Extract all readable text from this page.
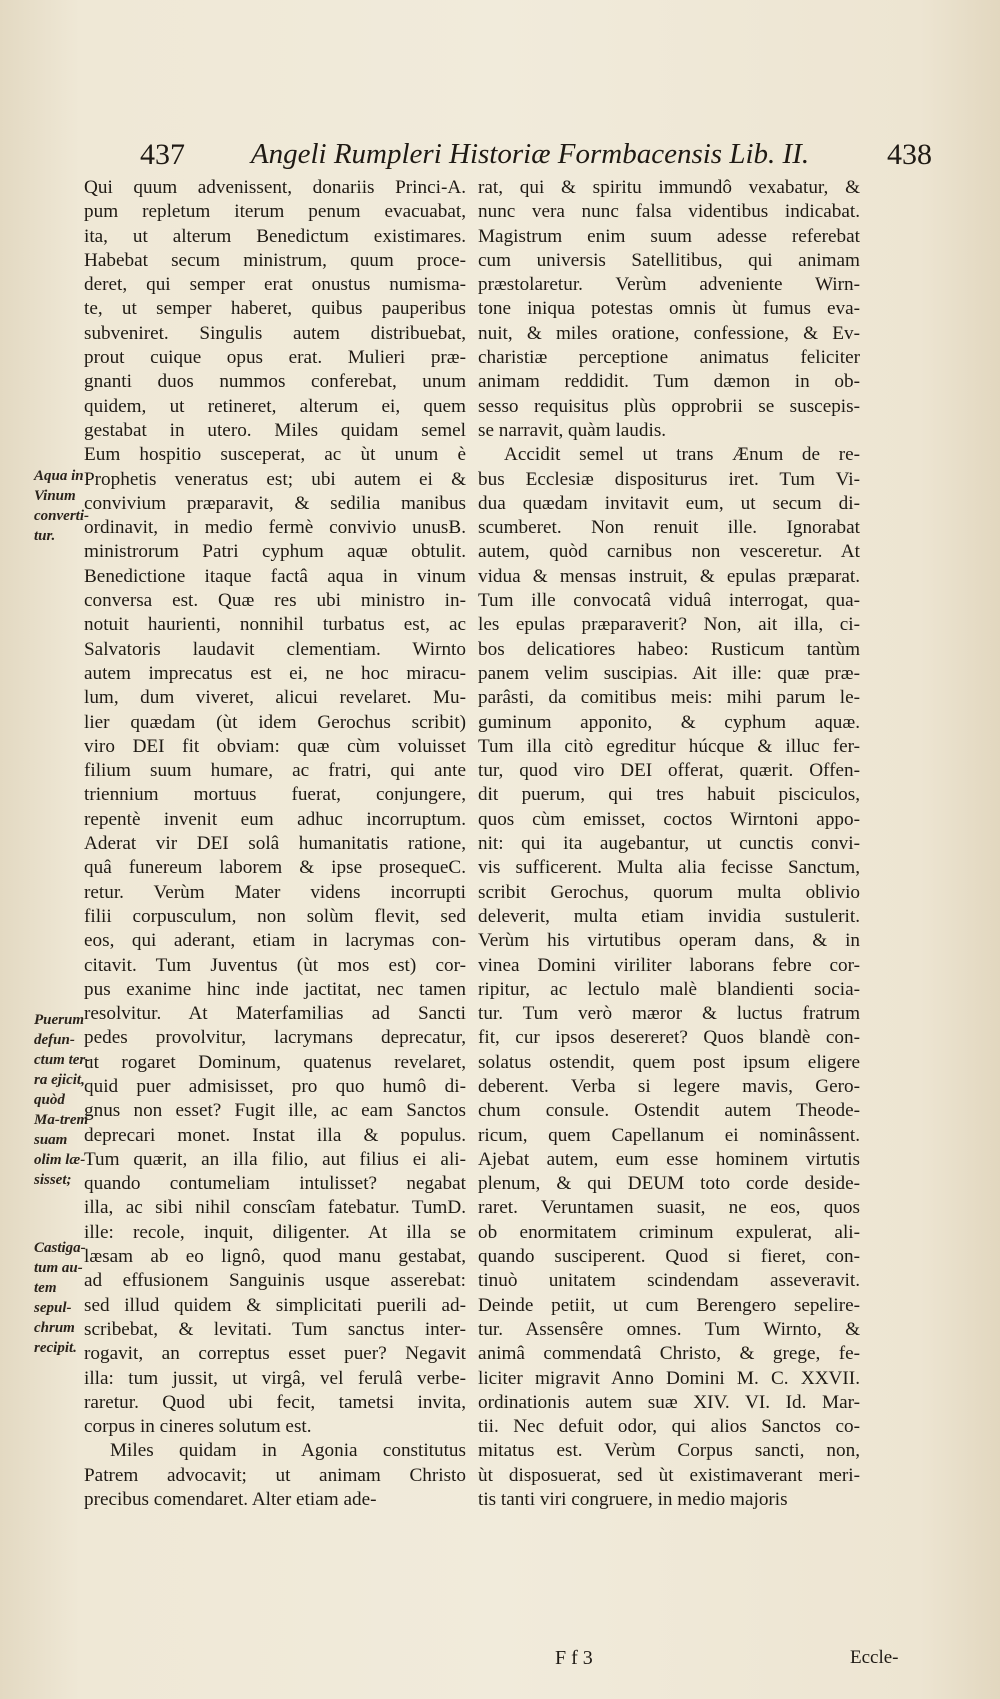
437	Angeli Rumpleri Historiæ Formbacensis Lib. II.	438
Qui quum advenissent, donariis Princi-A.
pum repletum iterum penum evacuabat,
ita, ut alterum Benedictum existimares.
Habebat secum ministrum, quum proce-
deret, qui semper erat onustus numisma-
te, ut semper haberet, quibus pauperibus
subveniret. Singulis autem distribuebat,
prout cuique opus erat. Mulieri præ-
gnanti duos nummos conferebat, unum
quidem, ut retineret, alterum ei, quem
gestabat in utero. Miles quidam semel
Eum hospitio susceperat, ac ùt unum è
Prophetis veneratus est; ubi autem ei &
convivium præparavit, & sedilia manibus
ordinavit, in medio fermè convivio unusB.
ministrorum Patri cyphum aquæ obtulit.
Benedictione itaque factâ aqua in vinum
conversa est. Quæ res ubi ministro in-
notuit haurienti, nonnihil turbatus est, ac
Salvatoris laudavit clementiam. Wirnto
autem imprecatus est ei, ne hoc miracu-
lum, dum viveret, alicui revelaret. Mu-
lier quædam (ùt idem Gerochus scribit)
viro DEI fit obviam: quæ cùm voluisset
filium suum humare, ac fratri, qui ante
triennium mortuus fuerat, conjungere,
repentè invenit eum adhuc incorruptum.
Aderat vir DEI solâ humanitatis ratione,
quâ funereum laborem & ipse prosequeC.
retur. Verùm Mater videns incorrupti
filii corpusculum, non solùm flevit, sed
eos, qui aderant, etiam in lacrymas con-
citavit. Tum Juventus (ùt mos est) cor-
pus exanime hinc inde jactitat, nec tamen
resolvitur. At Materfamilias ad Sancti
pedes provolvitur, lacrymans deprecatur,
ut rogaret Dominum, quatenus revelaret,
quid puer admisisset, pro quo humô di-
gnus non esset? Fugit ille, ac eam Sanctos
deprecari monet. Instat illa & populus.
Tum quærit, an illa filio, aut filius ei ali-
quando contumeliam intulisset? negabat
illa, ac sibi nihil conscîam fatebatur. TumD.
ille: recole, inquit, diligenter. At illa se
læsam ab eo lignô, quod manu gestabat,
ad effusionem Sanguinis usque asserebat:
sed illud quidem & simplicitati puerili ad-
scribebat, & levitati. Tum sanctus inter-
rogavit, an correptus esset puer? Negavit
illa: tum jussit, ut virgâ, vel ferulâ verbe-
raretur. Quod ubi fecit, tametsi invita,
corpus in cineres solutum est.
Miles quidam in Agonia constitutus
Patrem advocavit; ut animam Christo
precibus comendaret. Alter etiam ade-
rat, qui & spiritu immundô vexabatur, &
nunc vera nunc falsa videntibus indicabat.
Magistrum enim suum adesse referebat
cum universis Satellitibus, qui animam
præstolaretur. Verùm adveniente Wirn-
tone iniqua potestas omnis ùt fumus eva-
nuit, & miles oratione, confessione, & Ev-
charistiæ perceptione animatus feliciter
animam reddidit. Tum dæmon in ob-
sesso requisitus plùs opprobrii se suscepis-
se narravit, quàm laudis.
Accidit semel ut trans Ænum de re-
bus Ecclesiæ dispositurus iret. Tum Vi-
dua quædam invitavit eum, ut secum di-
scumberet. Non renuit ille. Ignorabat
autem, quòd carnibus non vesceretur. At
vidua & mensas instruit, & epulas præparat.
Tum ille convocatâ viduâ interrogat, qua-
les epulas præparaverit? Non, ait illa, ci-
bos delicatiores habeo: Rusticum tantùm
panem velim suscipias. Ait ille: quæ præ-
parâsti, da comitibus meis: mihi parum le-
guminum apponito, & cyphum aquæ.
Tum illa citò egreditur húcque & illuc fer-
tur, quod viro DEI offerat, quærit. Offen-
dit puerum, qui tres habuit pisciculos,
quos cùm emisset, coctos Wirntoni appo-
nit: qui ita augebantur, ut cunctis convi-
vis sufficerent. Multa alia fecisse Sanctum,
scribit Gerochus, quorum multa oblivio
deleverit, multa etiam invidia sustulerit.
Verùm his virtutibus operam dans, & in
vinea Domini viriliter laborans febre cor-
ripitur, ac lectulo malè blandienti socia-
tur. Tum verò mæror & luctus fratrum
fit, cur ipsos desereret? Quos blandè con-
solatus ostendit, quem post ipsum eligere
deberent. Verba si legere mavis, Gero-
chum consule. Ostendit autem Theode-
ricum, quem Capellanum ei nominâssent.
Ajebat autem, eum esse hominem virtutis
plenum, & qui DEUM toto corde deside-
raret. Veruntamen suasit, ne eos, quos
ob enormitatem criminum expulerat, ali-
quando susciperent. Quod si fieret, con-
tinuò unitatem scindendam asseveravit.
Deinde petiit, ut cum Berengero sepelire-
tur. Assensêre omnes. Tum Wirnto, &
animâ commendatâ Christo, & grege, fe-
liciter migravit Anno Domini M. C. XXVII.
ordinationis autem suæ XIV. VI. Id. Mar-
tii. Nec defuit odor, qui alios Sanctos co-
mitatus est. Verùm Corpus sancti, non,
ùt disposuerat, sed ùt existimaverant meri-
tis tanti viri congruere, in medio majoris
Aqua in Vinum converti-tur.
Puerum defun-ctum ter-ra ejicit, quòd Ma-trem suam olim læ-sisset;
Castiga-tum au-tem sepul-chrum recipit.
F f 3	Eccle-
